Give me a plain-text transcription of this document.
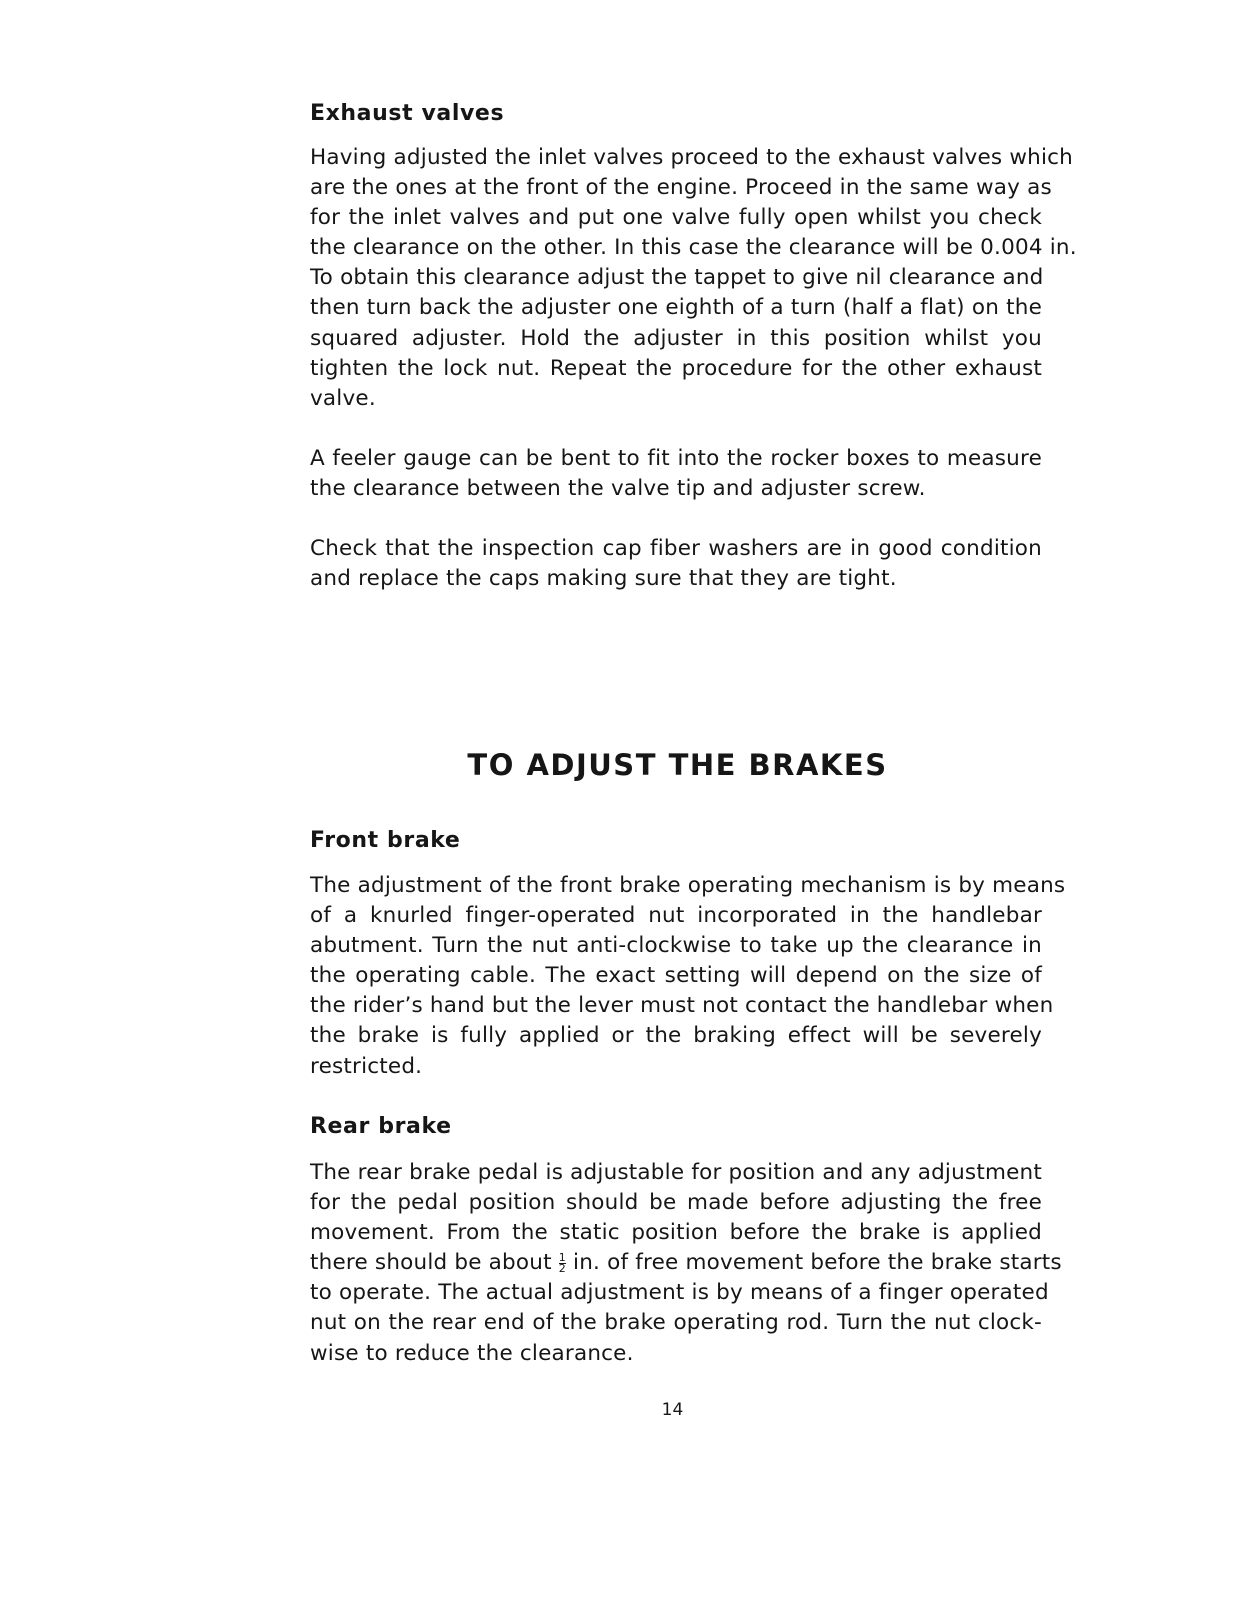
Exhaust valves

Having adjusted the inlet valves proceed to the exhaust valves which
are the ones at the front of the engine. Proceed in the same way as
for the inlet valves and put one valve fully open whilst you check
the clearance on the other. In this case the clearance will be 0.004 in.
To obtain this clearance adjust the tappet to give nil clearance and
then turn back the adjuster one eighth of a turn (half a flat) on the
squared adjuster. Hold the adjuster in this position whilst you
tighten the lock nut. Repeat the procedure for the other exhaust
valve.

A feeler gauge can be bent to fit into the rocker boxes to measure
the clearance between the valve tip and adjuster screw.

Check that the inspection cap fiber washers are in good condition
and replace the caps making sure that they are tight.

TO ADJUST THE BRAKES
Front brake

The adjustment of the front brake operating mechanism is by means
of a knurled finger-operated nut incorporated in the handlebar
abutment. Turn the nut anti-clockwise to take up the clearance in
the operating cable. The exact setting will depend on the size of
the rider’s hand but the lever must not contact the handlebar when
the brake is fully applied or the braking effect will be severely
restricted.

Rear brake

The rear brake pedal is adjustable for position and any adjustment
for the pedal position should be made before adjusting the free
movement. From the static position before the brake is applied
there should be about $\frac{1}{2}$ in. of free movement before the brake starts
to operate. The actual adjustment is by means of a finger operated
nut on the rear end of the brake operating rod. Turn the nut clock-
wise to reduce the clearance.

14
